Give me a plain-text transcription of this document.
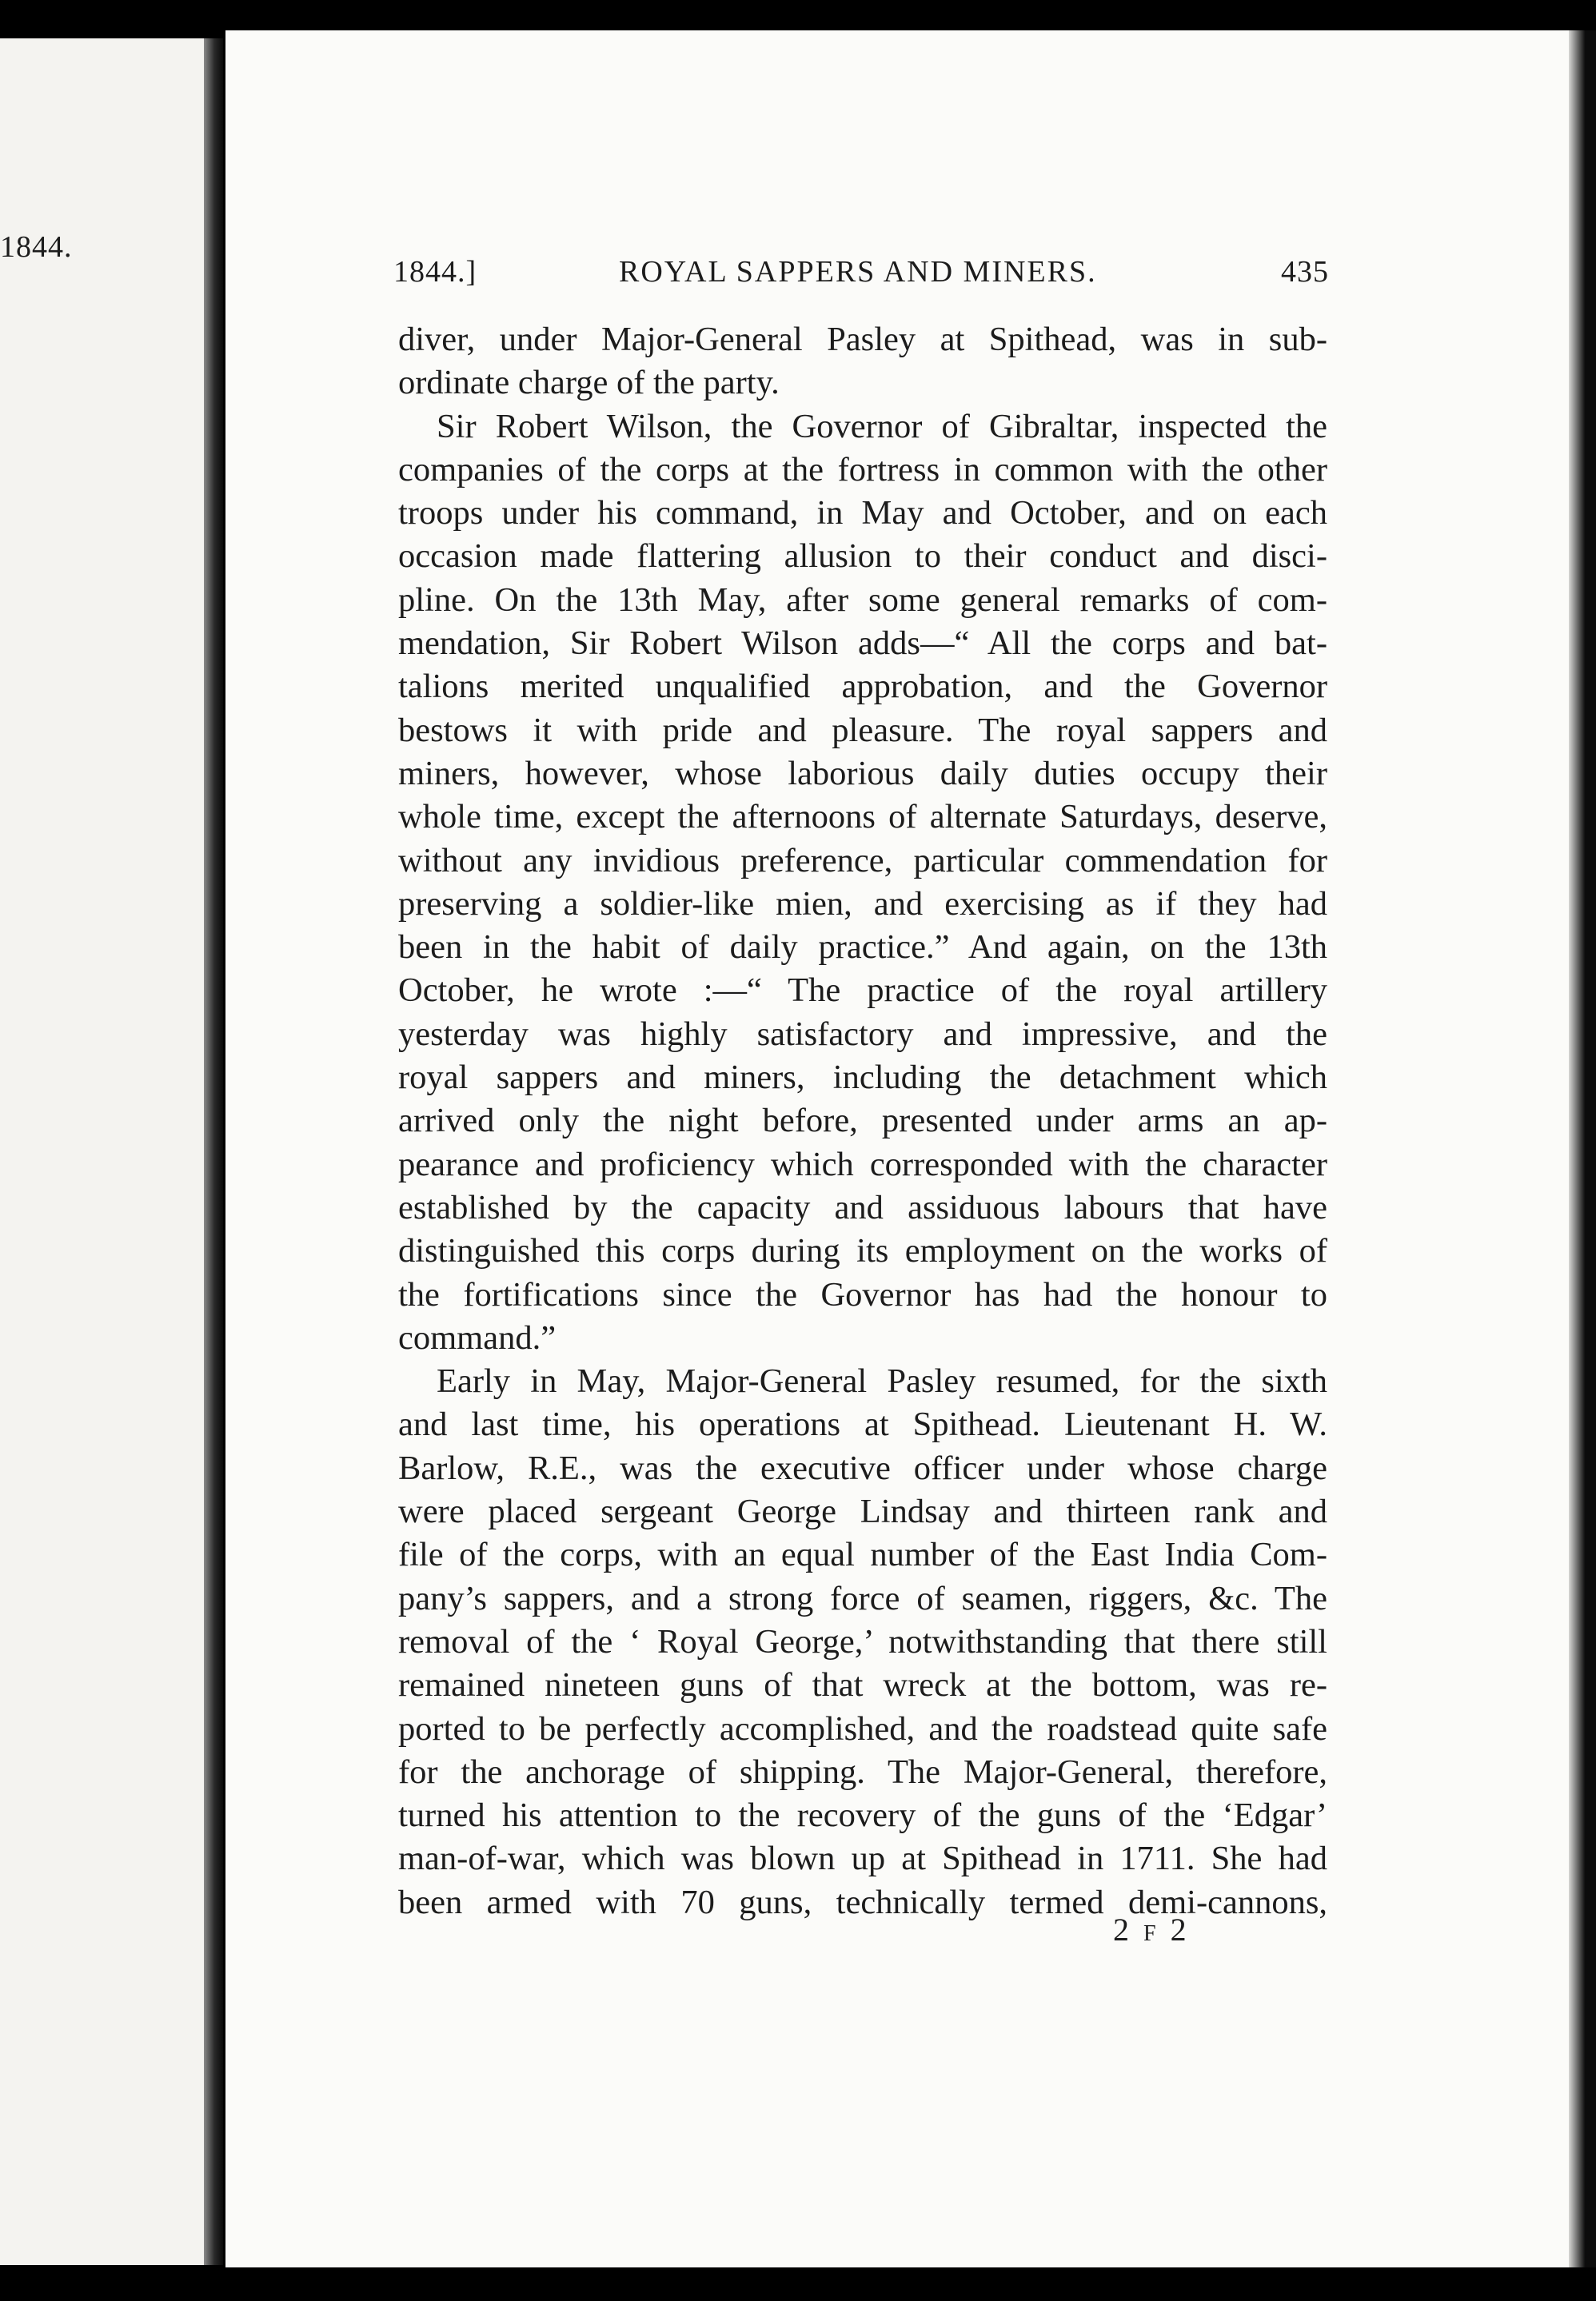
1844.
1844.]	ROYAL SAPPERS AND MINERS.	435
diver, under Major-General Pasley at Spithead, was in sub-
ordinate charge of the party.
Sir Robert Wilson, the Governor of Gibraltar, inspected the
companies of the corps at the fortress in common with the other
troops under his command, in May and October, and on each
occasion made flattering allusion to their conduct and disci-
pline. On the 13th May, after some general remarks of com-
mendation, Sir Robert Wilson adds—“ All the corps and bat-
talions merited unqualified approbation, and the Governor
bestows it with pride and pleasure. The royal sappers and
miners, however, whose laborious daily duties occupy their
whole time, except the afternoons of alternate Saturdays, deserve,
without any invidious preference, particular commendation for
preserving a soldier-like mien, and exercising as if they had
been in the habit of daily practice.” And again, on the 13th
October, he wrote :—“ The practice of the royal artillery
yesterday was highly satisfactory and impressive, and the
royal sappers and miners, including the detachment which
arrived only the night before, presented under arms an ap-
pearance and proficiency which corresponded with the character
established by the capacity and assiduous labours that have
distinguished this corps during its employment on the works of
the fortifications since the Governor has had the honour to
command.”
Early in May, Major-General Pasley resumed, for the sixth
and last time, his operations at Spithead. Lieutenant H. W.
Barlow, R.E., was the executive officer under whose charge
were placed sergeant George Lindsay and thirteen rank and
file of the corps, with an equal number of the East India Com-
pany’s sappers, and a strong force of seamen, riggers, &c. The
removal of the ‘ Royal George,’ notwithstanding that there still
remained nineteen guns of that wreck at the bottom, was re-
ported to be perfectly accomplished, and the roadstead quite safe
for the anchorage of shipping. The Major-General, therefore,
turned his attention to the recovery of the guns of the ‘Edgar’
man-of-war, which was blown up at Spithead in 1711. She had
been armed with 70 guns, technically termed demi-cannons,
2 F 2
